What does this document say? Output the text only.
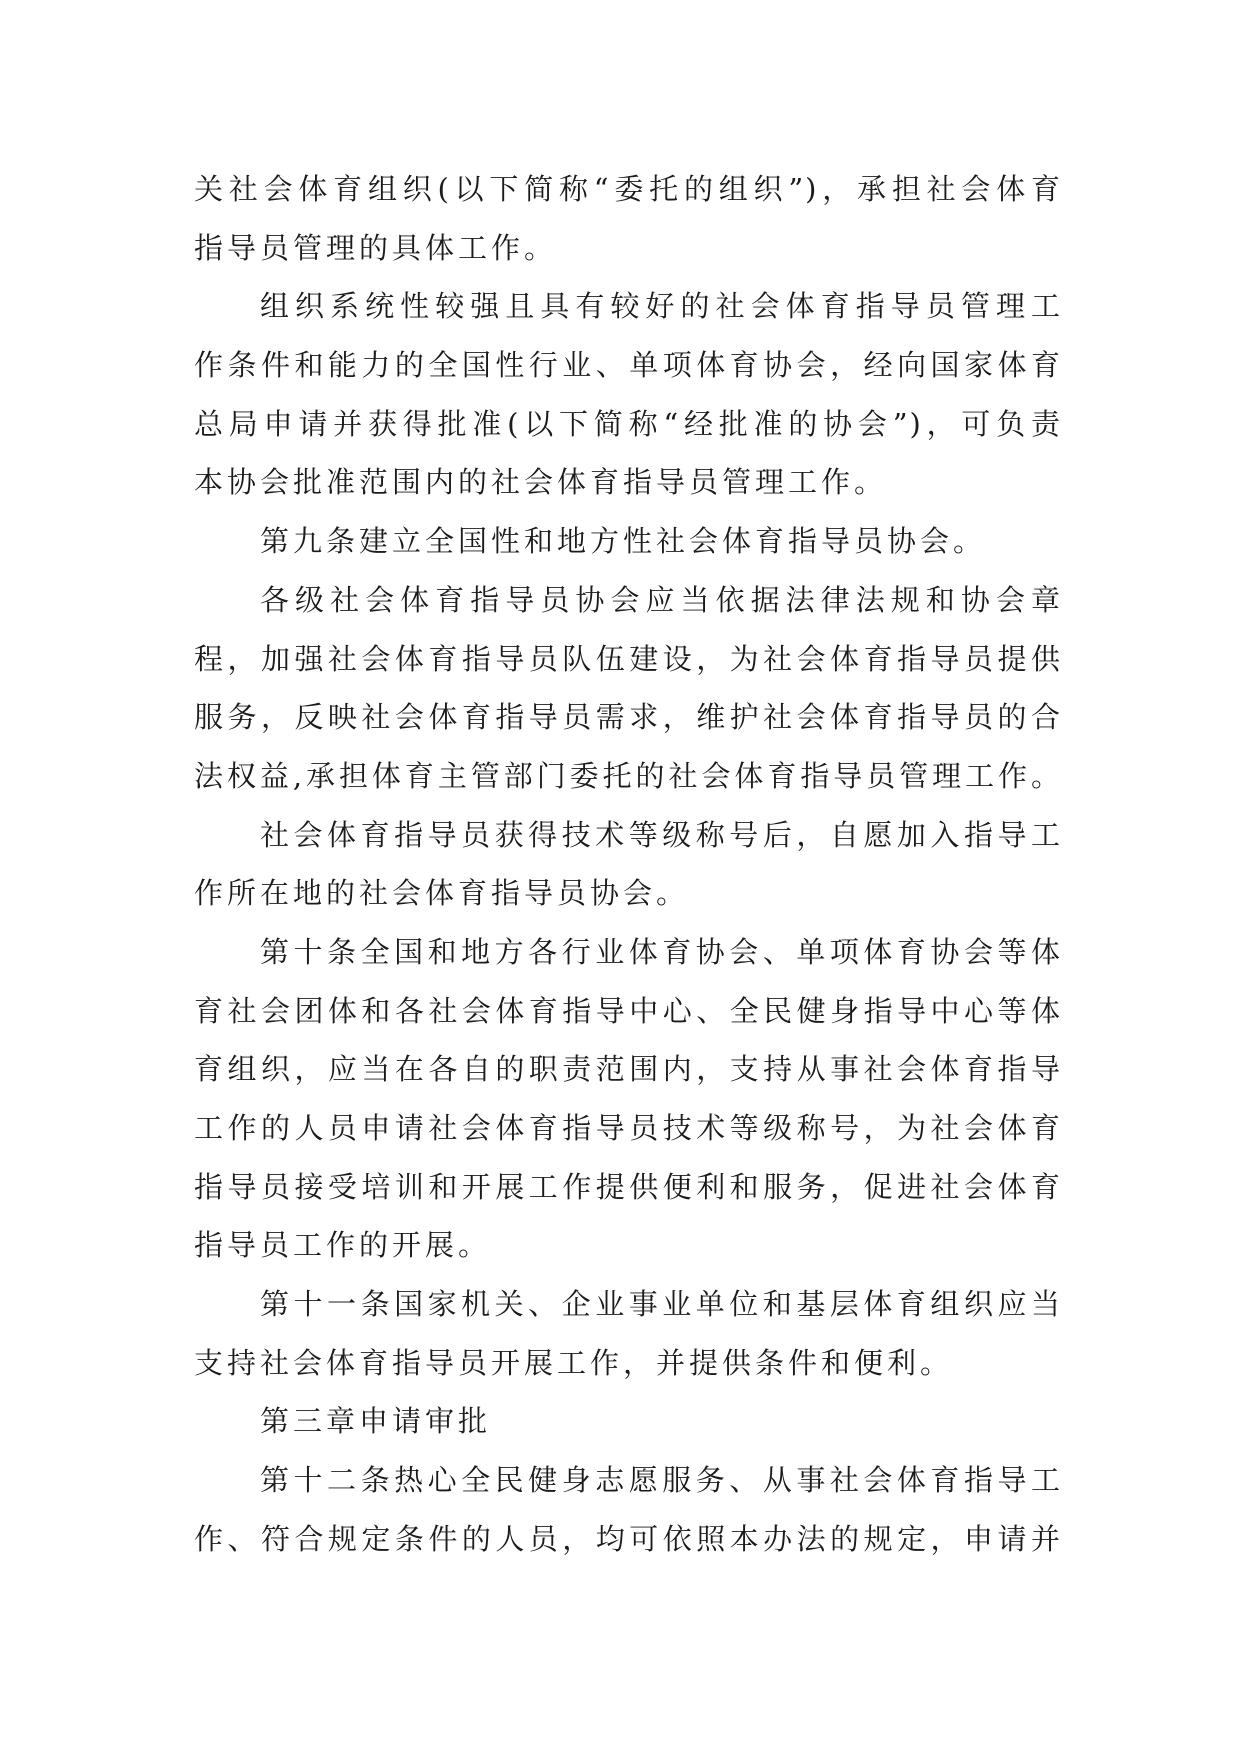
关社会体育组织(以下简称“委托的组织”)，承担社会体育
指导员管理的具体工作。
组织系统性较强且具有较好的社会体育指导员管理工
作条件和能力的全国性行业、单项体育协会，经向国家体育
总局申请并获得批准(以下简称“经批准的协会”)，可负责
本协会批准范围内的社会体育指导员管理工作。
第九条建立全国性和地方性社会体育指导员协会。
各级社会体育指导员协会应当依据法律法规和协会章
程，加强社会体育指导员队伍建设，为社会体育指导员提供
服务，反映社会体育指导员需求，维护社会体育指导员的合
法权益,承担体育主管部门委托的社会体育指导员管理工作。
社会体育指导员获得技术等级称号后，自愿加入指导工
作所在地的社会体育指导员协会。
第十条全国和地方各行业体育协会、单项体育协会等体
育社会团体和各社会体育指导中心、全民健身指导中心等体
育组织，应当在各自的职责范围内，支持从事社会体育指导
工作的人员申请社会体育指导员技术等级称号，为社会体育
指导员接受培训和开展工作提供便利和服务，促进社会体育
指导员工作的开展。
第十一条国家机关、企业事业单位和基层体育组织应当
支持社会体育指导员开展工作，并提供条件和便利。
第三章申请审批
第十二条热心全民健身志愿服务、从事社会体育指导工
作、符合规定条件的人员，均可依照本办法的规定，申请并
